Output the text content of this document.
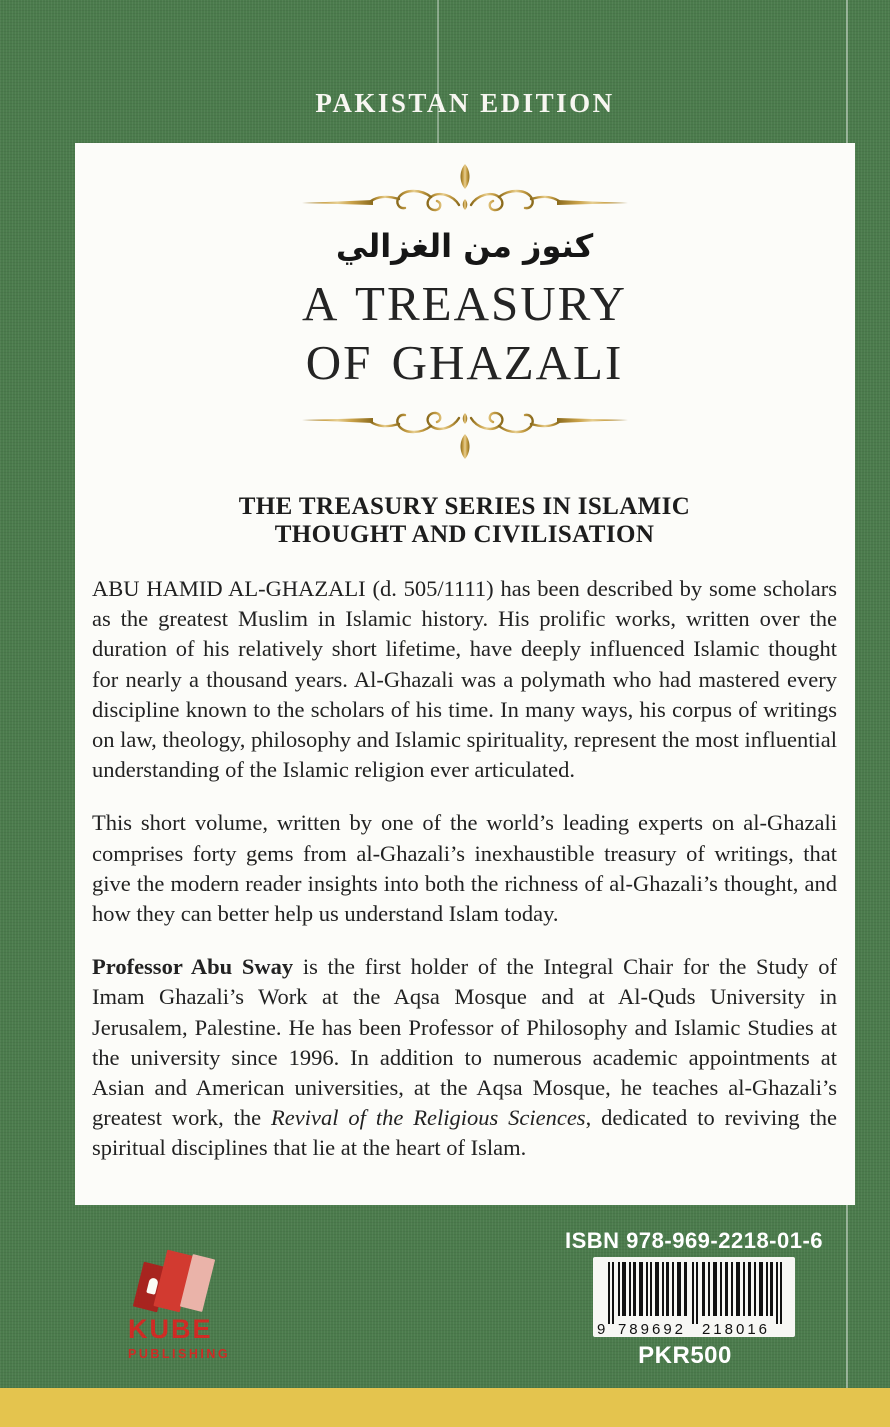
PAKISTAN EDITION
كنوز من الغزالي
A TREASURY
OF GHAZALI
THE TREASURY SERIES IN ISLAMIC
THOUGHT AND CIVILISATION

ABU HAMID AL-GHAZALI (d. 505/1111) has been described by some scholars as the greatest Muslim in Islamic history. His prolific works, written over the duration of his relatively short lifetime, have deeply influenced Islamic thought for nearly a thousand years. Al-Ghazali was a polymath who had mastered every discipline known to the scholars of his time. In many ways, his corpus of writings on law, theology, philosophy and Islamic spirituality, represent the most influential understanding of the Islamic religion ever articulated.

This short volume, written by one of the world’s leading experts on al-Ghazali comprises forty gems from al-Ghazali’s inexhaustible treasury of writings, that give the modern reader insights into both the richness of al-Ghazali’s thought, and how they can better help us understand Islam today.

Professor Abu Sway is the first holder of the Integral Chair for the Study of Imam Ghazali’s Work at the Aqsa Mosque and at Al-Quds University in Jerusalem, Palestine. He has been Professor of Philosophy and Islamic Studies at the university since 1996. In addition to numerous academic appointments at Asian and American universities, at the Aqsa Mosque, he teaches al-Ghazali’s greatest work, the Revival of the Religious Sciences, dedicated to reviving the spiritual disciplines that lie at the heart of Islam.

KUBE
PUBLISHING
ISBN 978-969-2218-01-6
9 789692 218016
PKR500
